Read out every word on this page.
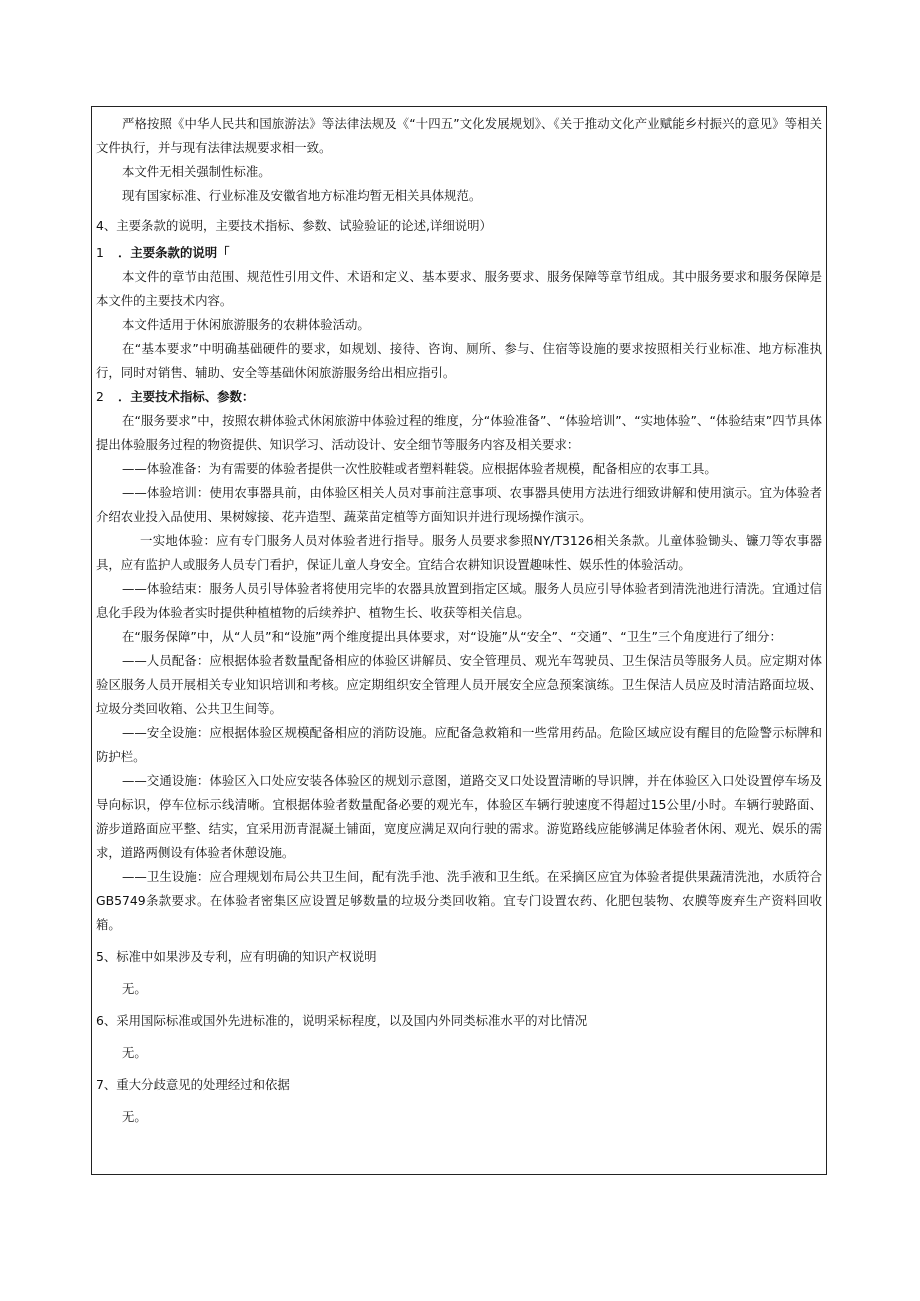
严格按照《中华人民共和国旅游法》等法律法规及《“十四五”文化发展规划》、《关于推动文化产业赋能乡村振兴的意见》等相关文件执行，并与现有法律法规要求相一致。

本文件无相关强制性标准。

现有国家标准、行业标准及安徽省地方标准均暂无相关具体规范。

4、主要条款的说明，主要技术指标、参数、试验验证的论述,详细说明）

1 ．主要条款的说明「

本文件的章节由范围、规范性引用文件、术语和定义、基本要求、服务要求、服务保障等章节组成。其中服务要求和服务保障是本文件的主要技术内容。

本文件适用于休闲旅游服务的农耕体验活动。

在“基本要求”中明确基础硬件的要求，如规划、接待、咨询、厕所、参与、住宿等设施的要求按照相关行业标准、地方标准执行，同时对销售、辅助、安全等基础休闲旅游服务给出相应指引。

2 ．主要技术指标、参数：

在“服务要求”中，按照农耕体验式休闲旅游中体验过程的维度，分“体验准备”、“体验培训”、“实地体验”、“体验结束”四节具体提出体验服务过程的物资提供、知识学习、活动设计、安全细节等服务内容及相关要求：

——体验准备：为有需要的体验者提供一次性胶鞋或者塑料鞋袋。应根据体验者规模，配备相应的农事工具。

——体验培训：使用农事器具前，由体验区相关人员对事前注意事项、农事器具使用方法进行细致讲解和使用演示。宜为体验者介绍农业投入品使用、果树嫁接、花卉造型、蔬菜苗定植等方面知识并进行现场操作演示。

一实地体验：应有专门服务人员对体验者进行指导。服务人员要求参照NY/T3126相关条款。儿童体验锄头、镰刀等农事器具，应有监护人或服务人员专门看护，保证儿童人身安全。宜结合农耕知识设置趣味性、娱乐性的体验活动。

——体验结束：服务人员引导体验者将使用完毕的农器具放置到指定区域。服务人员应引导体验者到清洗池进行清洗。宜通过信息化手段为体验者实时提供种植植物的后续养护、植物生长、收获等相关信息。

在“服务保障”中，从“人员”和“设施”两个维度提出具体要求，对“设施”从“安全”、“交通”、“卫生”三个角度进行了细分：

——人员配备：应根据体验者数量配备相应的体验区讲解员、安全管理员、观光车驾驶员、卫生保洁员等服务人员。应定期对体验区服务人员开展相关专业知识培训和考核。应定期组织安全管理人员开展安全应急预案演练。卫生保洁人员应及时清洁路面垃圾、垃圾分类回收箱、公共卫生间等。

——安全设施：应根据体验区规模配备相应的消防设施。应配备急救箱和一些常用药品。危险区域应设有醒目的危险警示标牌和防护栏。

——交通设施：体验区入口处应安装各体验区的规划示意图，道路交叉口处设置清晰的导识牌，并在体验区入口处设置停车场及导向标识，停车位标示线清晰。宜根据体验者数量配备必要的观光车，体验区车辆行驶速度不得超过15公里/小时。车辆行驶路面、游步道路面应平整、结实，宜采用沥青混凝土铺面，宽度应满足双向行驶的需求。游览路线应能够满足体验者休闲、观光、娱乐的需求，道路两侧设有体验者休憩设施。

——卫生设施：应合理规划布局公共卫生间，配有洗手池、洗手液和卫生纸。在采摘区应宜为体验者提供果蔬清洗池，水质符合GB5749条款要求。在体验者密集区应设置足够数量的垃圾分类回收箱。宜专门设置农药、化肥包装物、农膜等废弃生产资料回收箱。

5、标准中如果涉及专利，应有明确的知识产权说明

无。

6、采用国际标准或国外先进标准的，说明采标程度，以及国内外同类标准水平的对比情况

无。

7、重大分歧意见的处理经过和依据

无。
